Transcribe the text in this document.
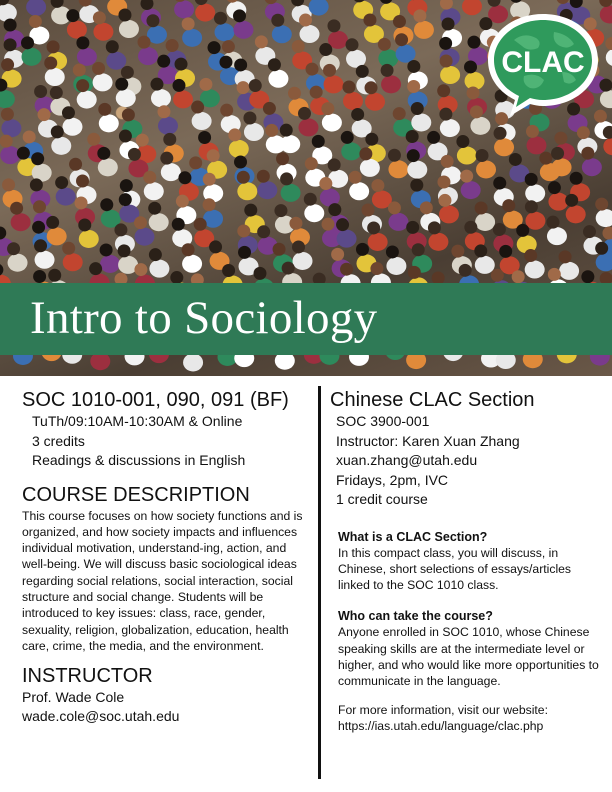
CLAC
Intro to Sociology
SOC 1010-001, 090, 091 (BF)
TuTh/09:10AM-10:30AM & Online
3 credits
Readings & discussions in English
COURSE DESCRIPTION
This course focuses on how society functions and is organized, and how society impacts and influences individual motivation, understand-ing, action, and well-being. We will discuss basic sociological ideas regarding social relations, social interaction, social structure and social change. Students will be introduced to key issues: class, race, gender, sexuality, religion, globalization, education, health care, crime, the media, and the environment.
INSTRUCTOR
Prof. Wade Cole
wade.cole@soc.utah.edu
Chinese CLAC Section
SOC 3900-001
Instructor: Karen Xuan Zhang
xuan.zhang@utah.edu
Fridays, 2pm, IVC
1 credit course
What is a CLAC Section?
In this compact class, you will discuss, in Chinese, short selections of essays/articles linked to the SOC 1010 class.
Who can take the course?
Anyone enrolled in SOC 1010, whose Chinese speaking skills are at the intermediate level or higher, and who would like more opportunities to communicate in the language.
For more information, visit our website:
https://ias.utah.edu/language/clac.php
